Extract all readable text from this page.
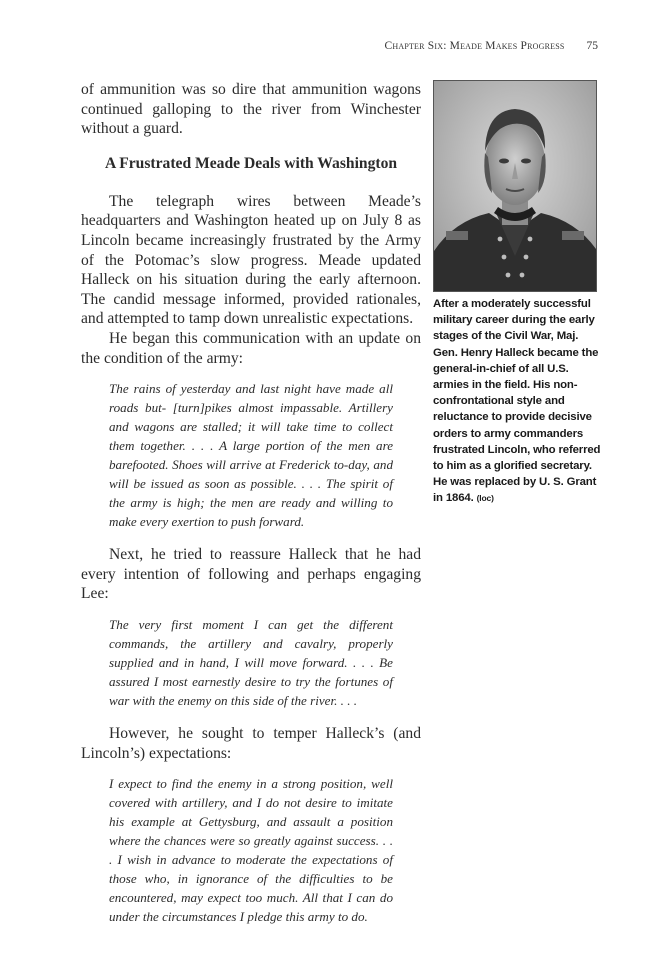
Chapter Six: Meade Makes Progress 75

of ammunition was so dire that ammunition wagons continued galloping to the river from Winchester without a guard.

A Frustrated Meade Deals with Washington

The telegraph wires between Meade’s headquarters and Washington heated up on July 8 as Lincoln became increasingly frustrated by the Army of the Potomac’s slow progress. Meade updated Halleck on his situation during the early afternoon. The candid message informed, provided rationales, and attempted to tamp down unrealistic expectations.

He began this communication with an update on the condition of the army:

The rains of yesterday and last night have made all roads but- [turn]pikes almost impassable. Artillery and wagons are stalled; it will take time to collect them together. . . . A large portion of the men are barefooted. Shoes will arrive at Frederick to-day, and will be issued as soon as possible. . . . The spirit of the army is high; the men are ready and willing to make every exertion to push forward.

Next, he tried to reassure Halleck that he had every intention of following and perhaps engaging Lee:

The very first moment I can get the different commands, the artillery and cavalry, properly supplied and in hand, I will move forward. . . . Be assured I most earnestly desire to try the fortunes of war with the enemy on this side of the river. . . .

However, he sought to temper Halleck’s (and Lincoln’s) expectations:

I expect to find the enemy in a strong position, well covered with artillery, and I do not desire to imitate his example at Gettysburg, and assault a position where the chances were so greatly against success. . . . I wish in advance to moderate the expectations of those who, in ignorance of the difficulties to be encountered, may expect too much. All that I can do under the circumstances I pledge this army to do.
After a moderately successful military career during the early stages of the Civil War, Maj. Gen. Henry Halleck became the general-in-chief of all U.S. armies in the field. His non-confrontational style and reluctance to provide decisive orders to army commanders frustrated Lincoln, who referred to him as a glorified secretary. He was replaced by U. S. Grant in 1864. (loc)
